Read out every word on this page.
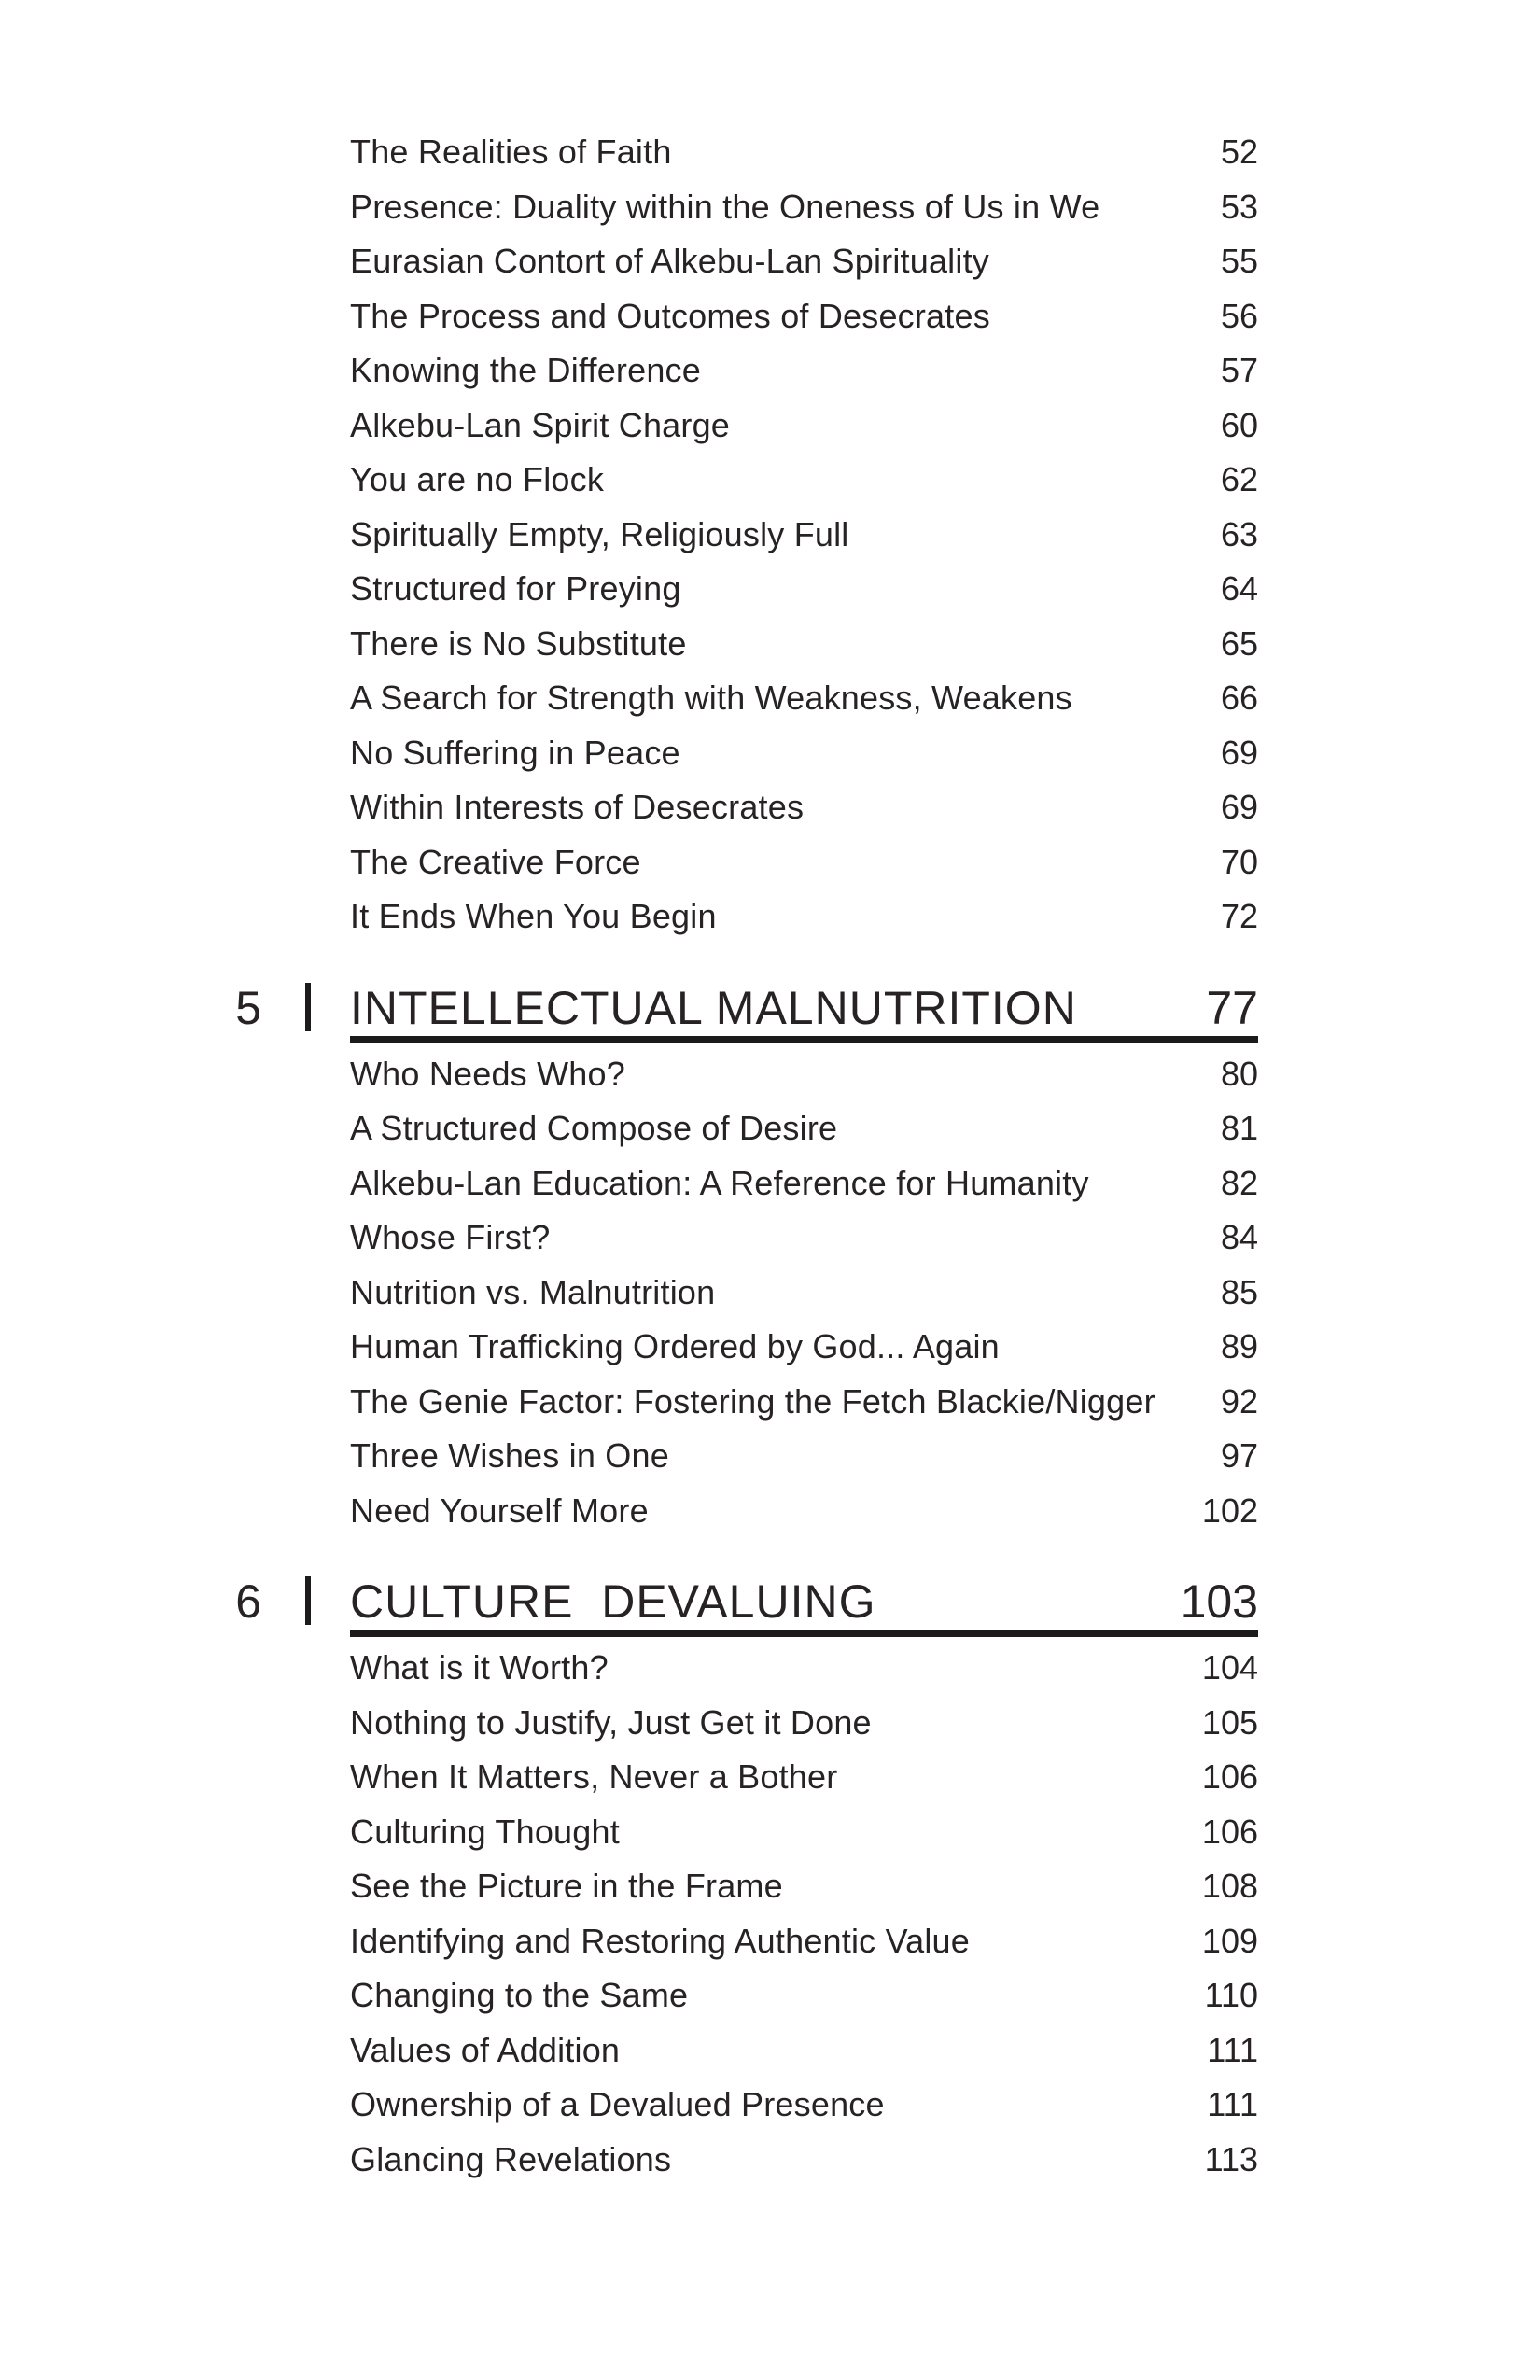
The Realities of Faith	52
Presence: Duality within the Oneness of Us in We	53
Eurasian Contort of Alkebu-Lan Spirituality	55
The Process and Outcomes of Desecrates	56
Knowing the Difference	57
Alkebu-Lan Spirit Charge	60
You are no Flock	62
Spiritually Empty, Religiously Full	63
Structured for Preying	64
There is No Substitute	65
A Search for Strength with Weakness, Weakens	66
No Suffering in Peace	69
Within Interests of Desecrates	69
The Creative Force	70
It Ends When You Begin	72
5 INTELLECTUAL MALNUTRITION	77
Who Needs Who?	80
A Structured Compose of Desire	81
Alkebu-Lan Education: A Reference for Humanity	82
Whose First?	84
Nutrition vs. Malnutrition	85
Human Trafficking Ordered by God... Again	89
The Genie Factor: Fostering the Fetch Blackie/Nigger	92
Three Wishes in One	97
Need Yourself More	102
6 CULTURE  DEVALUING	103
What is it Worth?	104
Nothing to Justify, Just Get it Done	105
When It Matters, Never a Bother	106
Culturing Thought	106
See the Picture in the Frame	108
Identifying and Restoring Authentic Value	109
Changing to the Same	110
Values of Addition	111
Ownership of a Devalued Presence	111
Glancing Revelations	113
